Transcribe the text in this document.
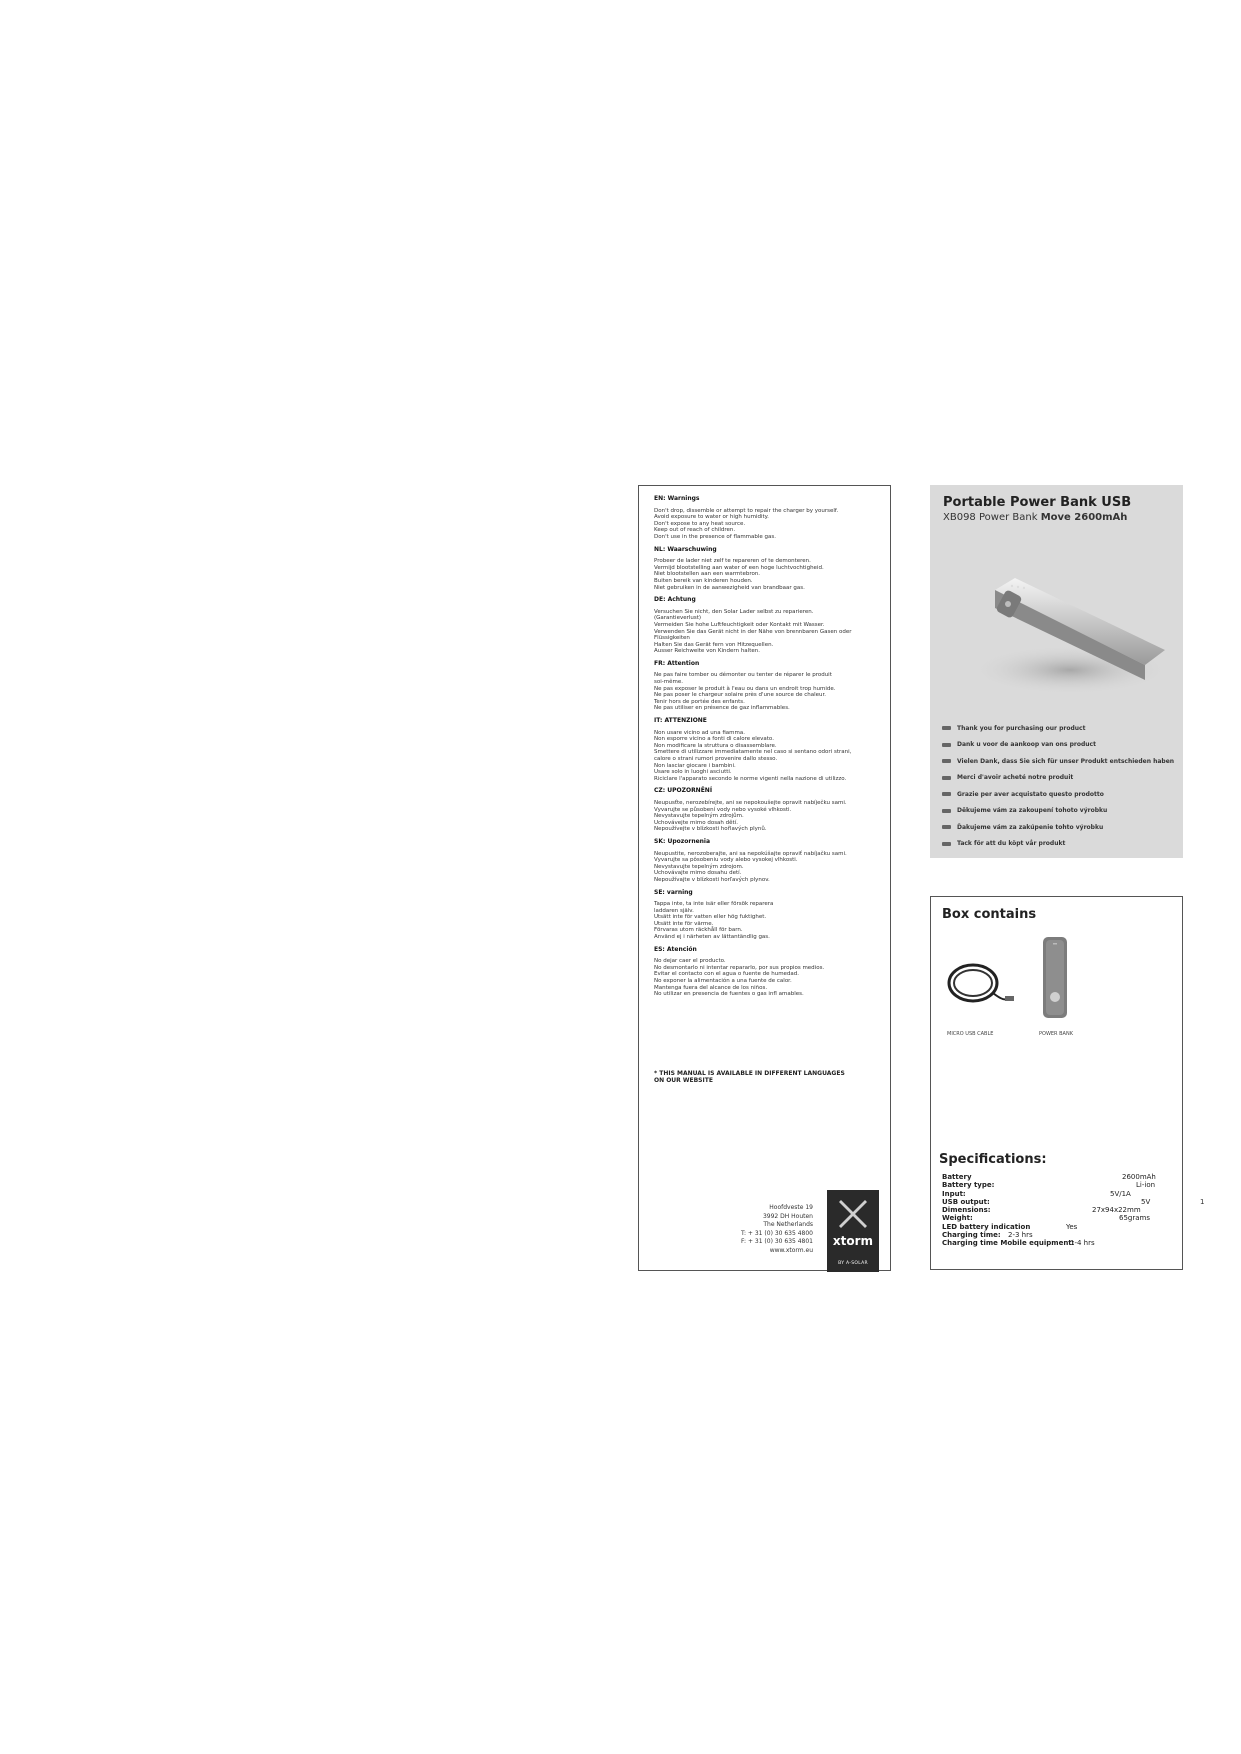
EN: Warnings
Don't drop, dissemble or attempt to repair the charger by yourself.
Avoid exposure to water or high humidity.
Don't expose to any heat source.
Keep out of reach of children.
Don't use in the presence of flammable gas.
NL: Waarschuwing
Probeer de lader niet zelf te repareren of te demonteren.
Vermijd blootstelling aan water of een hoge luchtvochtigheid.
Niet blootstellen aan een warmtebron.
Buiten bereik van kinderen houden.
Niet gebruiken in de aanwezigheid van brandbaar gas.
DE: Achtung
Versuchen Sie nicht, den Solar Lader selbst zu reparieren.
(Garantieverlust)
Vermeiden Sie hohe Luftfeuchtigkeit oder Kontakt mit Wasser.
Verwenden Sie das Gerät nicht in der Nähe von brennbaren Gasen oder
Flüssigkeiten
Halten Sie das Gerät fern von Hitzequellen.
Ausser Reichweite von Kindern halten.
FR: Attention
Ne pas faire tomber ou démonter ou tenter de réparer le produit
soi-même.
Ne pas exposer le produit à l'eau ou dans un endroit trop humide.
Ne pas poser le chargeur solaire près d'une source de chaleur.
Tenir hors de portée des enfants.
Ne pas utiliser en présence de gaz inflammables.
IT: ATTENZIONE
Non usare vicino ad una fiamma.
Non esporre vicino a fonti di calore elevato.
Non modificare la struttura o disassemblare.
Smettere di utilizzare immediatamente nel caso si sentano odori strani,
calore o strani rumori provenire dallo stesso.
Non lasciar giocare i bambini.
Usare solo in luoghi asciutti.
Riciclare l'apparato secondo le norme vigenti nella nazione di utilizzo.
CZ: UPOZORNĚNÍ
Neupusťte, nerozebírejte, ani se nepokoušejte opravit nabíječku sami.
Vyvarujte se působení vody nebo vysoké vlhkosti.
Nevystavujte tepelným zdrojům.
Uchovávejte mimo dosah dětí.
Nepoužívejte v blízkosti hořlavých plynů.
SK: Upozornenia
Neupustite, nerozoberajte, ani sa nepokúšajte opraviť nabíjačku sami.
Vyvarujte sa pôsobeniu vody alebo vysokej vlhkosti.
Nevystavujte tepelným zdrojom.
Uchovávajte mimo dosahu detí.
Nepoužívajte v blízkosti horľavých plynov.
SE: varning
Tappa inte, ta inte isär eller försök reparera
laddaren själv.
Utsätt inte för vatten eller hög fuktighet.
Utsätt inte för värme.
Förvaras utom räckhåll för barn.
Använd ej i närheten av lättantändlig gas.
ES: Atención
No dejar caer el producto.
No desmontarlo ni intentar repararlo, por sus propios medios.
Evitar el contacto con el agua o fuente de humedad.
No exponer la alimentación a una fuente de calor.
Mantenga fuera del alcance de los niños.
No utilizar en presencia de fuentes o gas infl amables.
* THIS MANUAL IS AVAILABLE IN DIFFERENT LANGUAGES
ON OUR WEBSITE
Hoofdveste 19
3992 DH Houten
The Netherlands
T: + 31 (0) 30 635 4800
F: + 31 (0) 30 635 4801
www.xtorm.eu
xtorm
BY A-SOLAR
Portable Power Bank USB
XB098 Power Bank Move 2600mAh
Thank you for purchasing our product
Dank u voor de aankoop van ons product
Vielen Dank, dass Sie sich für unser Produkt entschieden haben
Merci d'avoir acheté notre produit
Grazie per aver acquistato questo prodotto
Děkujeme vám za zakoupení tohoto výrobku
Ďakujeme vám za zakúpenie tohto výrobku
Tack för att du köpt vår produkt
Box contains
MICRO USB CABLE	POWER BANK
Specifications:
Battery	2600mAh
Battery type:	Li-ion
Input:	5V/1A
USB output:	5V
Dimensions:	27x94x22mm
Weight:	65grams
LED battery indication	Yes
Charging time: 2-3 hrs
Charging time Mobile equipment:
1-4 hrs
1
